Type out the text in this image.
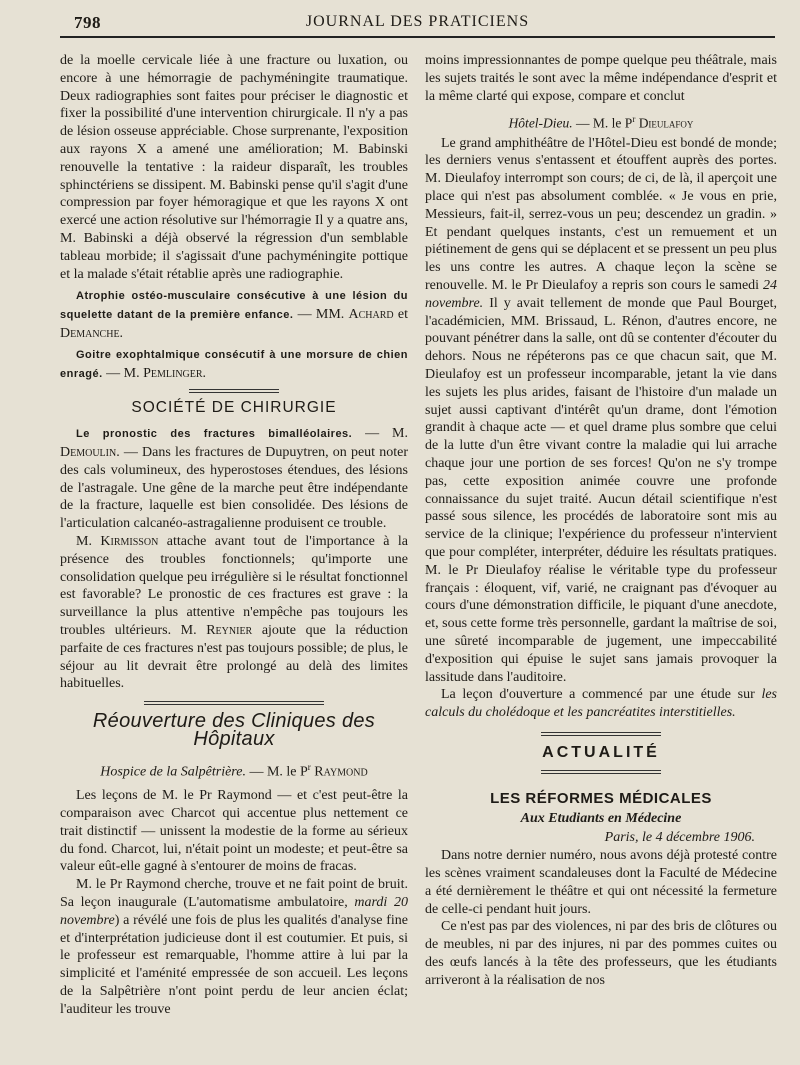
798	JOURNAL DES PRATICIENS

de la moelle cervicale liée à une fracture ou luxation, ou encore à une hémorragie de pachyméningite traumatique. Deux radiographies sont faites pour préciser le diagnostic et fixer la possibilité d'une intervention chirurgicale. Il n'y a pas de lésion osseuse appréciable. Chose surprenante, l'exposition aux rayons X a amené une amélioration; M. Babinski renouvelle la tentative : la raideur disparaît, les troubles sphinctériens se dissipent. M. Babinski pense qu'il s'agit d'une compression par foyer hémoragique et que les rayons X ont exercé une action résolutive sur l'hémorragie Il y a quatre ans, M. Babinski a déjà observé la régression d'un semblable tableau morbide; il s'agissait d'une pachyméningite pottique et la malade s'était rétablie après une radiographie.

Atrophie ostéo-musculaire consécutive à une lésion du squelette datant de la première enfance. — MM. Achard et Demanche.

Goitre exophtalmique consécutif à une morsure de chien enragé. — M. Pemlinger.

SOCIÉTÉ DE CHIRURGIE

Le pronostic des fractures bimalléolaires. — M. Demoulin. — Dans les fractures de Dupuytren, on peut noter des cals volumineux, des hyperostoses étendues, des lésions de l'astragale. Une gêne de la marche peut être indépendante de la fracture, laquelle est bien consolidée. Des lésions de l'articulation calcanéo-astragalienne produisent ce trouble.

M. Kirmisson attache avant tout de l'importance à la présence des troubles fonctionnels; qu'importe une consolidation quelque peu irrégulière si le résultat fonctionnel est favorable? Le pronostic de ces fractures est grave : la surveillance la plus attentive n'empêche pas toujours les troubles ultérieurs. M. Reynier ajoute que la réduction parfaite de ces fractures n'est pas toujours possible; de plus, le séjour au lit devrait être prolongé au delà des limites habituelles.

Réouverture des Cliniques des Hôpitaux
Hospice de la Salpêtrière. — M. le $P^r$ Raymond

Les leçons de M. le Pr Raymond — et c'est peut-être la comparaison avec Charcot qui accentue plus nettement ce trait distinctif — unissent la modestie de la forme au sérieux du fond. Charcot, lui, n'était point un modeste; et peut-être sa valeur eût-elle gagné à s'entourer de moins de fracas.

M. le Pr Raymond cherche, trouve et ne fait point de bruit. Sa leçon inaugurale (L'automatisme ambulatoire, mardi 20 novembre) a révélé une fois de plus les qualités d'analyse fine et d'interprétation judicieuse dont il est coutumier. Et puis, si le professeur est remarquable, l'homme attire à lui par la simplicité et l'aménité empressée de son accueil. Les leçons de la Salpêtrière n'ont point perdu de leur ancien éclat; l'auditeur les trouve

moins impressionnantes de pompe quelque peu théâtrale, mais les sujets traités le sont avec la même indépendance d'esprit et la même clarté qui expose, compare et conclut

Hôtel-Dieu. — M. le $P^r$ Dieulafoy

Le grand amphithéâtre de l'Hôtel-Dieu est bondé de monde; les derniers venus s'entassent et étouffent auprès des portes. M. Dieulafoy interrompt son cours; de ci, de là, il aperçoit une place qui n'est pas absolument comblée. « Je vous en prie, Messieurs, fait-il, serrez-vous un peu; descendez un gradin. » Et pendant quelques instants, c'est un remuement et un piétinement de gens qui se déplacent et se pressent un peu plus les uns contre les autres. A chaque leçon la scène se renouvelle. M. le Pr Dieulafoy a repris son cours le samedi 24 novembre. Il y avait tellement de monde que Paul Bourget, l'académicien, MM. Brissaud, L. Rénon, d'autres encore, ne pouvant pénétrer dans la salle, ont dû se contenter d'écouter du dehors. Nous ne répéterons pas ce que chacun sait, que M. Dieulafoy est un professeur incomparable, jetant la vie dans les sujets les plus arides, faisant de l'histoire d'un malade un sujet aussi captivant d'intérêt qu'un drame, dont l'émotion grandit à chaque acte — et quel drame plus sombre que celui de la lutte d'un être vivant contre la maladie qui lui arrache chaque jour une portion de ses forces! Qu'on ne s'y trompe pas, cette exposition animée couvre une profonde connaissance du sujet traité. Aucun détail scientifique n'est passé sous silence, les procédés de laboratoire sont mis au service de la clinique; l'expérience du professeur n'intervient que pour compléter, interpréter, déduire les résultats pratiques. M. le Pr Dieulafoy réalise le véritable type du professeur français : éloquent, vif, varié, ne craignant pas d'évoquer au cours d'une démonstration difficile, le piquant d'une anecdote, et, sous cette forme très personnelle, gardant la maîtrise de soi, une sûreté incomparable de jugement, une impeccabilité d'exposition qui épuise le sujet sans jamais provoquer la lassitude dans l'auditoire.

La leçon d'ouverture a commencé par une étude sur les calculs du cholédoque et les pancréatites interstitielles.

ACTUALITÉ
LES RÉFORMES MÉDICALES
Aux Etudiants en Médecine
Paris, le 4 décembre 1906.

Dans notre dernier numéro, nous avons déjà protesté contre les scènes vraiment scandaleuses dont la Faculté de Médecine a été dernièrement le théâtre et qui ont nécessité la fermeture de celle-ci pendant huit jours.

Ce n'est pas par des violences, ni par des bris de clôtures ou de meubles, ni par des injures, ni par des pommes cuites ou des œufs lancés à la tête des professeurs, que les étudiants arriveront à la réalisation de nos
